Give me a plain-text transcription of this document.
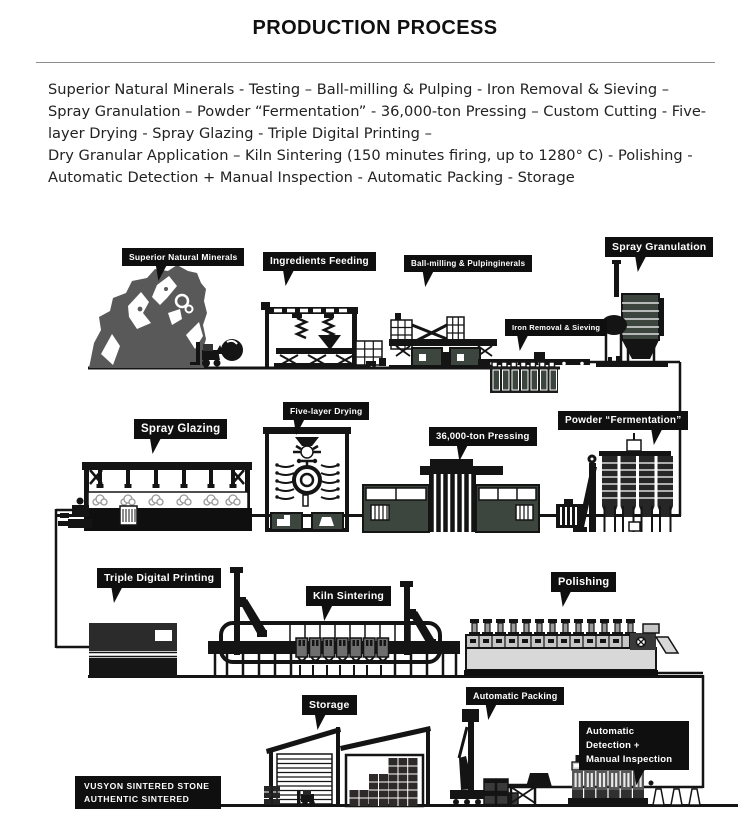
PRODUCTION PROCESS

Superior Natural Minerals - Testing – Ball-milling & Pulping - Iron Removal & Sieving – Spray Granulation – Powder “Fermentation” - 36,000-ton Pressing – Custom Cutting - Five-layer Drying - Spray Glazing - Triple Digital Printing –

Dry Granular Application – Kiln Sintering (150 minutes firing, up to 1280° C) - Polishing - Automatic Detection + Manual Inspection - Automatic Packing - Storage

Superior Natural Minerals	Ingredients Feeding	Ball-milling & Pulpinginerals
Iron Removal & Sieving
Spray Granulation
Spray Glazing
Five-layer Drying
36,000-ton Pressing
Powder “Fermentation”
Triple Digital Printing
Kiln Sintering
Polishing
Storage
Automatic Packing
Automatic Detection +
Manual Inspection
VUSYON SINTERED STONE
AUTHENTIC SINTERED STONE
